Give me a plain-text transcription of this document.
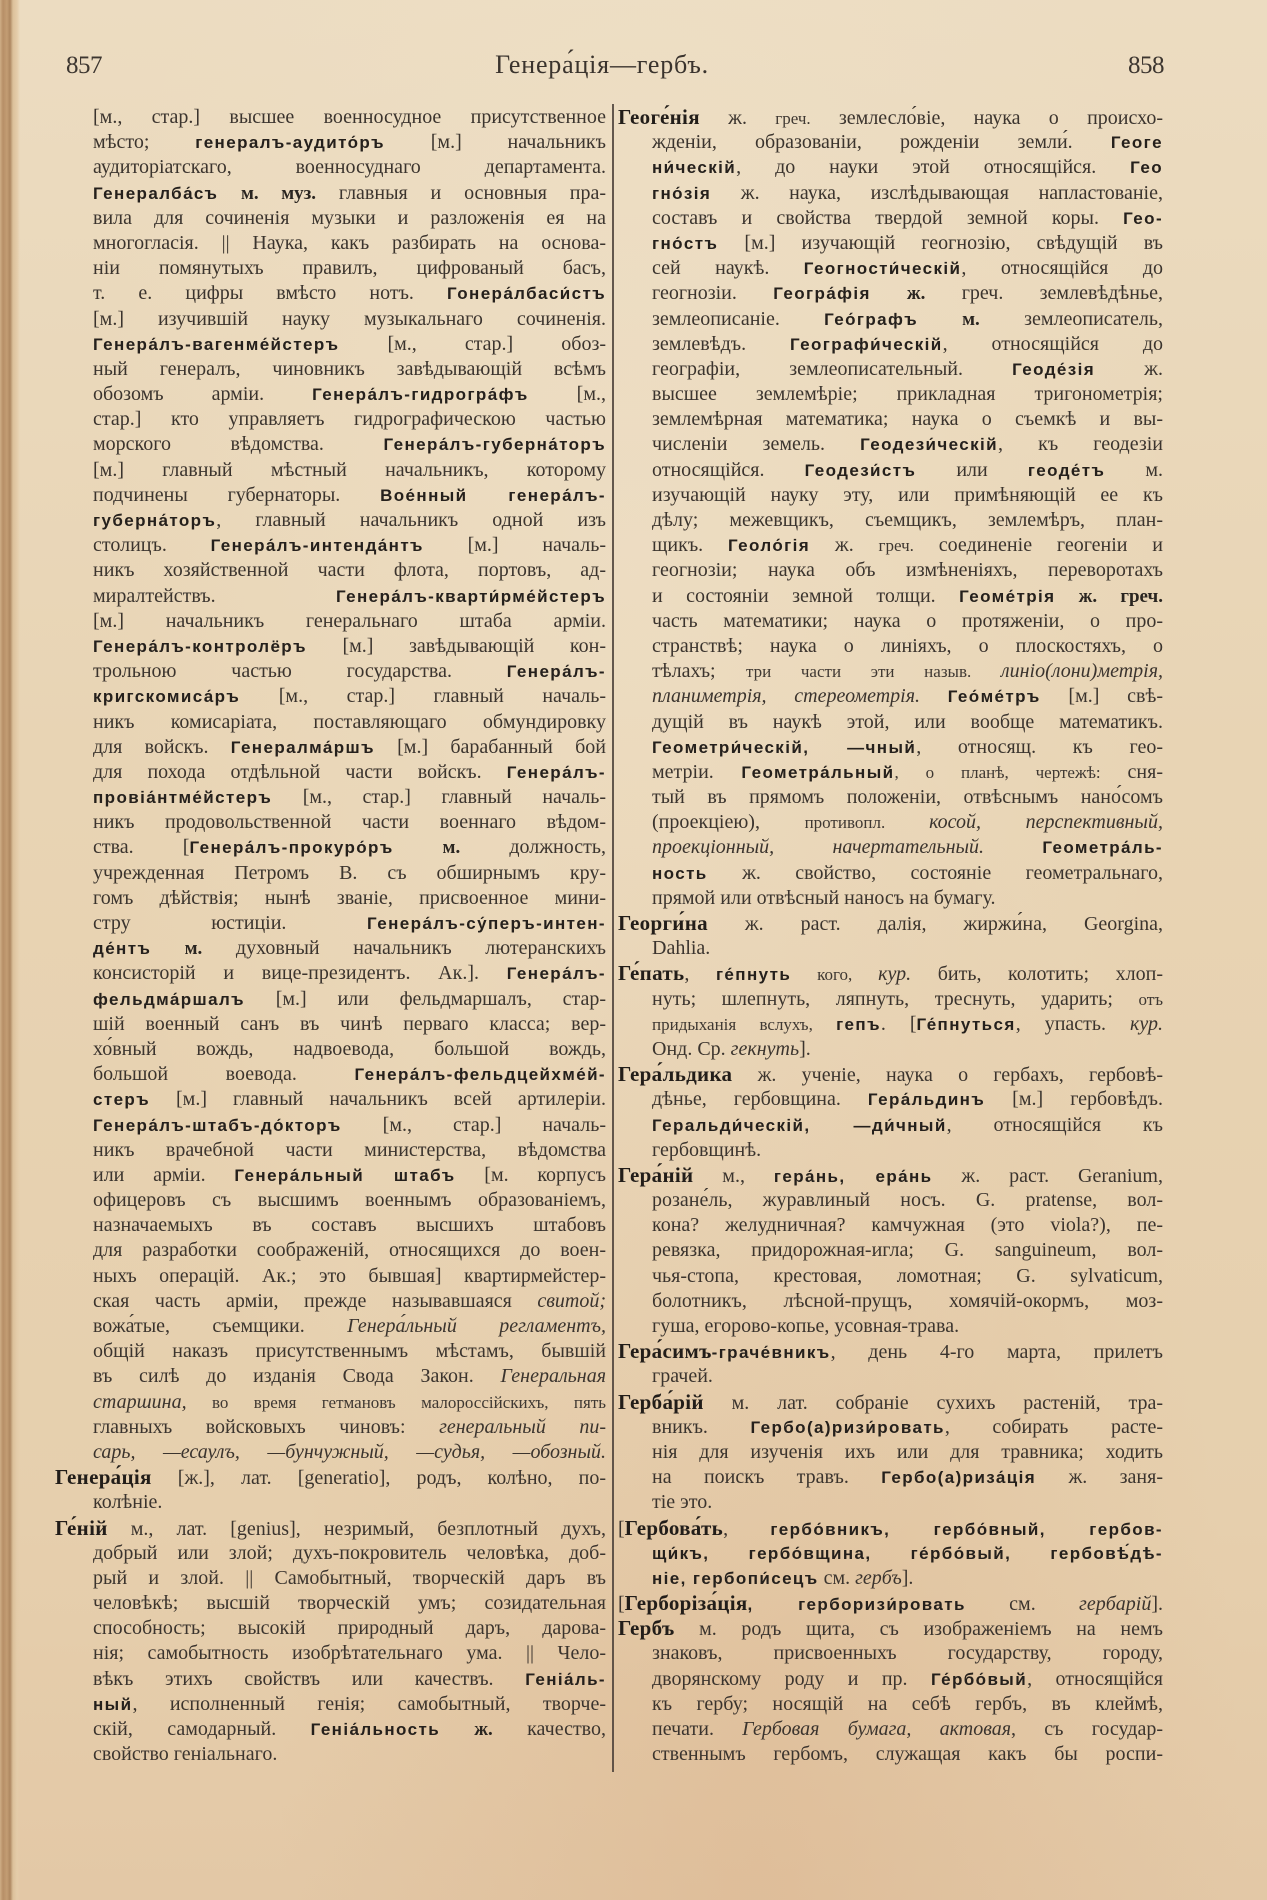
857	Генера́ція—гербъ.	858
[м., стар.] высшее военносудное присутственное
мѣсто; генералъ-аудито́ръ [м.] начальникъ
аудиторіатскаго, военносуднаго департамента.
Генералба́съ м. муз. главныя и основныя пра-
вила для сочиненія музыки и разложенія ея на
многогласія. || Наука, какъ разбирать на основа-
ніи помянутыхъ правилъ, цифрованый басъ,
т. е. цифры вмѣсто нотъ. Гонера́лбаси́стъ
[м.] изучившій науку музыкальнаго сочиненія.
Генера́лъ-вагенме́йстеръ [м., стар.] обоз-
ный генералъ, чиновникъ завѣдывающій всѣмъ
обозомъ арміи. Генера́лъ-гидрогра́фъ [м.,
стар.] кто управляетъ гидрографическою частью
морского вѣдомства. Генера́лъ-губерна́торъ
[м.] главный мѣстный начальникъ, которому
подчинены губернаторы. Вое́нный генера́лъ-
губерна́торъ, главный начальникъ одной изъ
столицъ. Генера́лъ-интенда́нтъ [м.] началь-
никъ хозяйственной части флота, портовъ, ад-
миралтействъ. Генера́лъ-кварти́рме́йстеръ
[м.] начальникъ генеральнаго штаба арміи.
Генера́лъ-контролёръ [м.] завѣдывающій кон-
трольною частью государства. Генера́лъ-
кригскомиса́ръ [м., стар.] главный началь-
никъ комисаріата, поставляющаго обмундировку
для войскъ. Генералма́ршъ [м.] барабанный бой
для похода отдѣльной части войскъ. Генера́лъ-
провіа́нтме́йстеръ [м., стар.] главный началь-
никъ продовольственной части военнаго вѣдом-
ства. [Генера́лъ-прокуро́ръ м. должность,
учрежденная Петромъ В. съ обширнымъ кру-
гомъ дѣйствія; нынѣ званіе, присвоенное мини-
стру юстиціи. Генера́лъ-су́перъ-интен-
де́нтъ м. духовный начальникъ лютеранскихъ
консисторій и вице-президентъ. Ак.]. Генера́лъ-
фельдма́ршалъ [м.] или фельдмаршалъ, стар-
шій военный санъ въ чинѣ перваго класса; вер-
хо́вный вождь, надвоевода, большой вождь,
большой воевода. Генера́лъ-фельдцейхме́й-
стеръ [м.] главный начальникъ всей артилеріи.
Генера́лъ-штабъ-до́кторъ [м., стар.] началь-
никъ врачебной части министерства, вѣдомства
или арміи. Генера́льный штабъ [м. корпусъ
офицеровъ съ высшимъ военнымъ образованіемъ,
назначаемыхъ въ составъ высшихъ штабовъ
для разработки соображеній, относящихся до воен-
ныхъ операцій. Ак.; это бывшая] квартирмейстер-
ская часть арміи, прежде называвшаяся свитой;
вожа́тые, съемщики. Генера́льный регламентъ,
общій наказъ присутственнымъ мѣстамъ, бывшій
въ силѣ до изданія Свода Закон. Генеральная
старшина, во время гетмановъ малороссійскихъ, пять
главныхъ войсковыхъ чиновъ: генеральный пи-
сарь, —есаулъ, —бунчужный, —судья, —обозный.
Генера́ція [ж.], лат. [generatio], родъ, колѣно, по-
колѣніе.
Ге́ній м., лат. [genius], незримый, безплотный духъ,
добрый или злой; духъ-покровитель человѣка, доб-
рый и злой. || Самобытный, творческій даръ въ
человѣкѣ; высшій творческій умъ; созидательная
способность; высокій природный даръ, дарова-
нія; самобытность изобрѣтательнаго ума. || Чело-
вѣкъ этихъ свойствъ или качествъ. Геніа́ль-
ный, исполненный генія; самобытный, творче-
скій, самодарный. Геніа́льность ж. качество,
свойство геніальнаго.
Геоге́нія ж. греч. землесло́віе, наука о происхо-
жденіи, образованіи, рожденіи земли́. Геоге
ни́ческій, до науки этой относящійся. Гео
гно́зія ж. наука, изслѣдывающая напластованіе,
составъ и свойства твердой земной коры. Гео-
гно́стъ [м.] изучающій геогнозію, свѣдущій въ
сей наукѣ. Геогности́ческій, относящійся до
геогнозіи. Геогра́фія ж. греч. землевѣдѣнье,
землеописаніе. Гео́графъ м. землеописатель,
землевѣдъ. Географи́ческій, относящійся до
географіи, землеописательный. Геоде́зія ж.
высшее землемѣріе; прикладная тригонометрія;
землемѣрная математика; наука о съемкѣ и вы-
численіи земель. Геодези́ческій, къ геодезіи
относящійся. Геодези́стъ или геоде́тъ м.
изучающій науку эту, или примѣняющій ее къ
дѣлу; межевщикъ, съемщикъ, землемѣръ, план-
щикъ. Геоло́гія ж. греч. соединеніе геогеніи и
геогнозіи; наука объ измѣненіяхъ, переворотахъ
и состояніи земной толщи. Геоме́трія ж. греч.
часть математики; наука о протяженіи, о про-
странствѣ; наука о линіяхъ, о плоскостяхъ, о
тѣлахъ; три части эти назыв. линіо(лони)метрія,
планиметрія, стереометрія. Гео́ме́тръ [м.] свѣ-
дущій въ наукѣ этой, или вообще математикъ.
Геометри́ческій, —чный, относящ. къ гео-
метріи. Геометра́льный, о планѣ, чертежѣ: сня-
тый въ прямомъ положеніи, отвѣснымъ нано́сомъ
(проекціею), противопл. косой, перспективный,
проекціонный, начертательный.	Геометра́ль-
ность ж. свойство, состояніе геометральнаго,
прямой или отвѣсный наносъ на бумагу.
Георги́на ж. раст. далія, жиржи́на, Georgina,
Dahlia.
Ге́пать, ге́пнуть кого, кур. бить, колотить; хлоп-
нуть; шлепнуть, ляпнуть, треснуть, ударить; отъ
придыханія вслухъ, гепъ. [Ге́пнуться, упасть. кур.
Онд. Ср. гекнуть].
Гера́льдика ж. ученіе, наука о гербахъ, гербовѣ-
дѣнье, гербовщина. Гера́льдинъ [м.] гербовѣдъ.
Геральди́ческій, —ди́чный, относящійся къ
гербовщинѣ.
Гера́ній м., гера́нь, ера́нь ж. раст. Geranium,
розане́ль, журавлиный носъ. G. pratense, вол-
кона? желудничная? камчужная (это viola?), пе-
ревязка, придорожная-игла; G. sanguineum, вол-
чья-стопа, крестовая, ломотная; G. sylvaticum,
болотникъ, лѣсной-прущъ, хомячій-окормъ, моз-
гуша, егорово-копье, усовная-трава.
Гера́симъ-граче́вникъ, день 4-го марта, прилетъ
грачей.
Герба́рій м. лат. собраніе сухихъ растеній, тра-
вникъ. Гербо(а)ризи́ровать, собирать расте-
нія для изученія ихъ или для травника; ходить
на поискъ травъ. Гербо(а)риза́ція ж. заня-
тіе это.
[Гербова́ть, гербо́вникъ, гербо́вный, гербов-
щи́къ, гербо́вщина, ге́рбо́вый, гербовѣ́дѣ-
ніе, гербопи́сецъ см. гербъ].
[Герборіза́ція, герборизи́ровать см. гербарій].
Гербъ м. родъ щита, съ изображеніемъ на немъ
знаковъ, присвоенныхъ государству, городу,
дворянскому роду и пр. Ге́рбо́вый, относящійся
къ гербу; носящій на себѣ гербъ, въ клеймѣ,
печати. Гербовая бумага, актовая, съ государ-
ственнымъ гербомъ, служащая какъ бы роспи-
